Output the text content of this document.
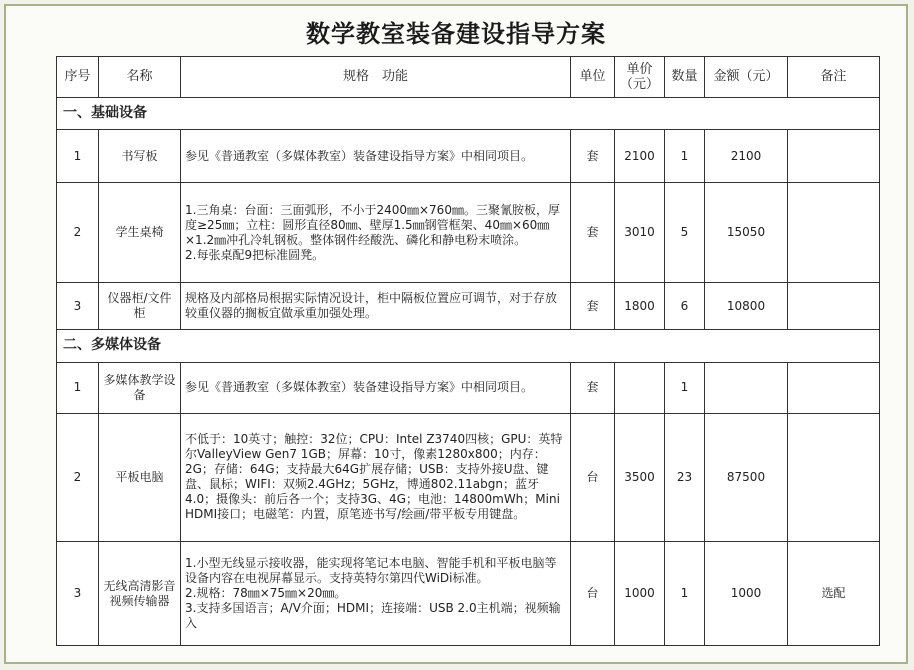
数学教室装备建设指导方案
序号	名称	规格　功能	单位	单价（元）	数量	金额（元）	备注
一、基础设备							
1	书写板	参见《普通教室（多媒体教室）装备建设指导方案》中相同项目。	套	2100	1	2100	
2	学生桌椅	1.三角桌：台面：三面弧形，不小于2400㎜×760㎜。三聚氰胺板，厚度≥25㎜；立柱：圆形直径80㎜、壁厚1.5㎜钢管框架、40㎜×60㎜×1.2㎜冲孔冷轧钢板。整体钢件经酸洗、磷化和静电粉末喷涂。
2.每张桌配9把标准圆凳。	套	3010	5	15050	
3	仪器柜/文件柜	规格及内部格局根据实际情况设计，柜中隔板位置应可调节，对于存放较重仪器的搁板宜做承重加强处理。	套	1800	6	10800	
二、多媒体设备							
1	多媒体教学设备	参见《普通教室（多媒体教室）装备建设指导方案》中相同项目。	套		1		
2	平板电脑	不低于：10英寸；触控：32位；CPU：Intel Z3740四核；GPU：英特尔ValleyView Gen7 1GB；屏幕：10寸，像素1280x800；内存：2G；存储：64G；支持最大64G扩展存储；USB：支持外接U盘、键盘、鼠标；WIFI：双频2.4GHz；5GHz，博通802.11abgn；蓝牙4.0；摄像头：前后各一个；支持3G、4G；电池：14800mWh；Mini HDMI接口；电磁笔：内置，原笔迹书写/绘画/带平板专用键盘。	台	3500	23	87500	
3	无线高清影音视频传输器	1.小型无线显示接收器，能实现将笔记本电脑、智能手机和平板电脑等设备内容在电视屏幕显示。支持英特尔第四代WiDi标准。
2.规格：78㎜×75㎜×20㎜。
3.支持多国语言；A/V介面；HDMI；连接端：USB 2.0主机端；视频输入	台	1000	1	1000	选配
